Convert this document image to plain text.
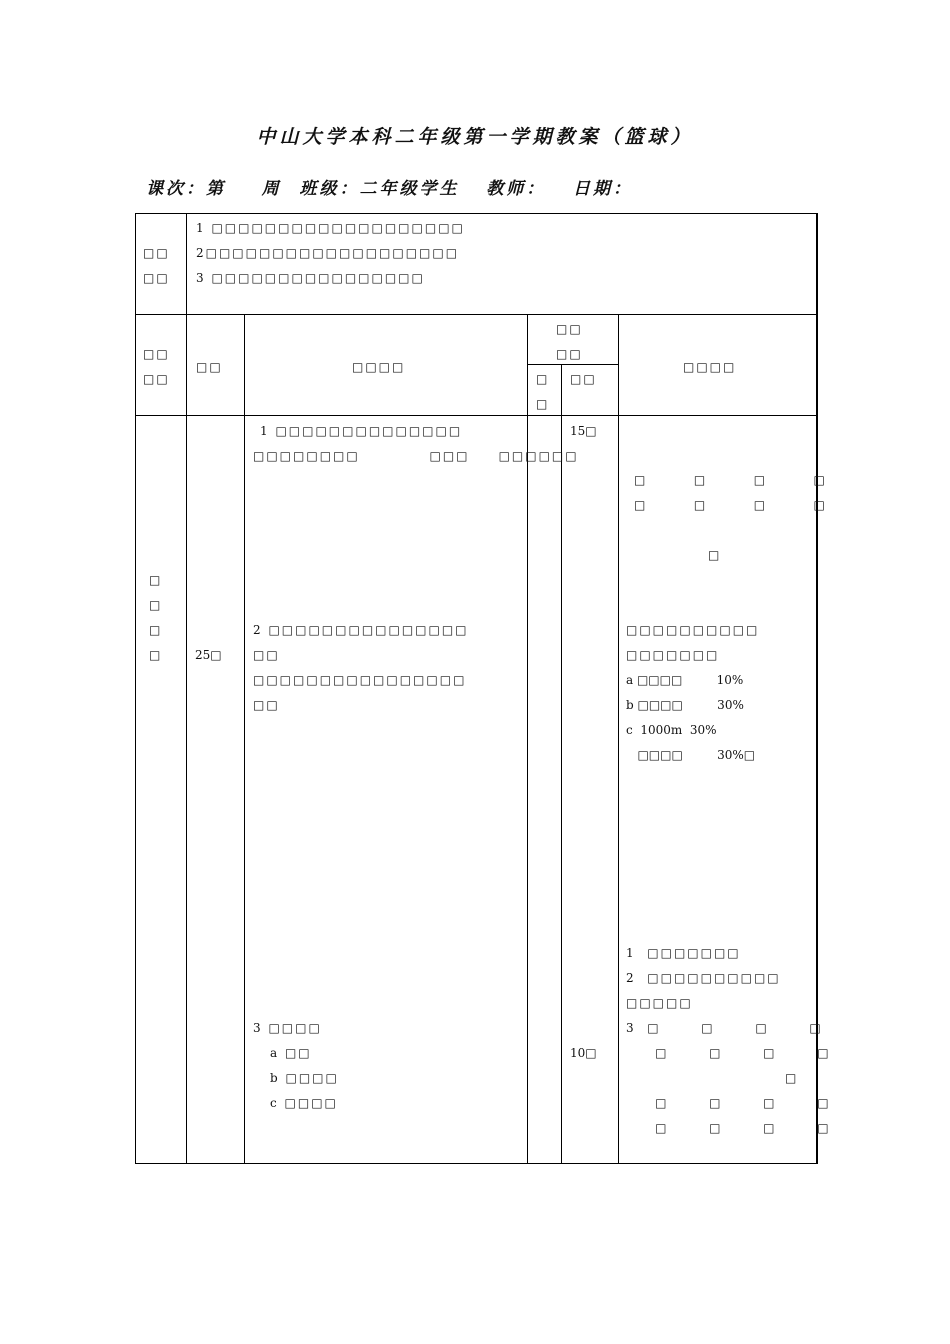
中山大学本科二年级第一学期教案（篮球）
课次：第    周  班级：二年级学生   教师：   日期：
□□
□□
1 □□□□□□□□□□□□□□□□□□□
2□□□□□□□□□□□□□□□□□□□
3 □□□□□□□□□□□□□□□□
□□
□□
□□	□□□□
□□
□□
□
□
□□
□□□□
□
□
□
□	25□
1 □□□□□□□□□□□□□□
□□□□□□□□            □□□     □□□□□□
2 □□□□□□□□□□□□□□□
□□
□□□□□□□□□□□□□□□□
□□
3 □□□□
a □□
b □□□□
c □□□□
15□
10□
□        □        □        □
□        □        □        □
□
□□□□□□□□□□
□□□□□□□
a □□□□         10%
b □□□□         30%
c  1000m  30%
□□□□         30%□
1  □□□□□□□
2  □□□□□□□□□□
□□□□□
3  □       □       □       □
□       □       □       □
□
□       □       □       □
□       □       □       □
